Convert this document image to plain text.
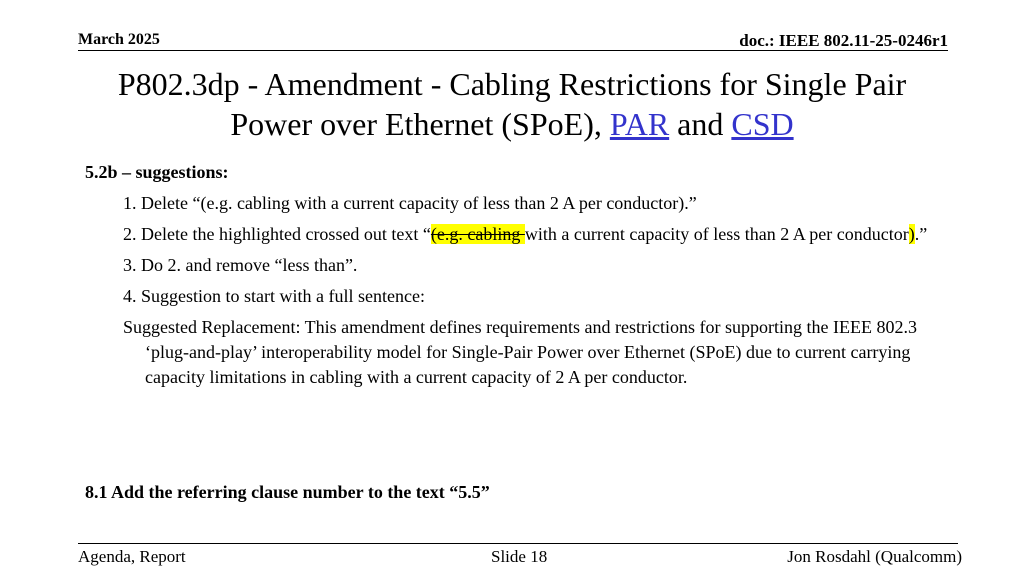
March 2025	doc.: IEEE 802.11-25-0246r1
P802.3dp - Amendment - Cabling Restrictions for Single Pair
Power over Ethernet (SPoE), PAR and CSD
5.2b – suggestions:
1. Delete “(e.g. cabling with a current capacity of less than 2 A per conductor).”
2. Delete the highlighted crossed out text “(e.g. cabling with a current capacity of less than 2 A per conductor).”
3. Do 2. and remove “less than”.
4. Suggestion to start with a full sentence:
Suggested Replacement: This amendment defines requirements and restrictions for supporting the IEEE 802.3 ‘plug-and-play’ interoperability model for Single-Pair Power over Ethernet (SPoE) due to current carrying capacity limitations in cabling with a current capacity of 2 A per conductor.
8.1 Add the referring clause number to the text “5.5”
Agenda, Report	Slide 18	Jon Rosdahl (Qualcomm)
